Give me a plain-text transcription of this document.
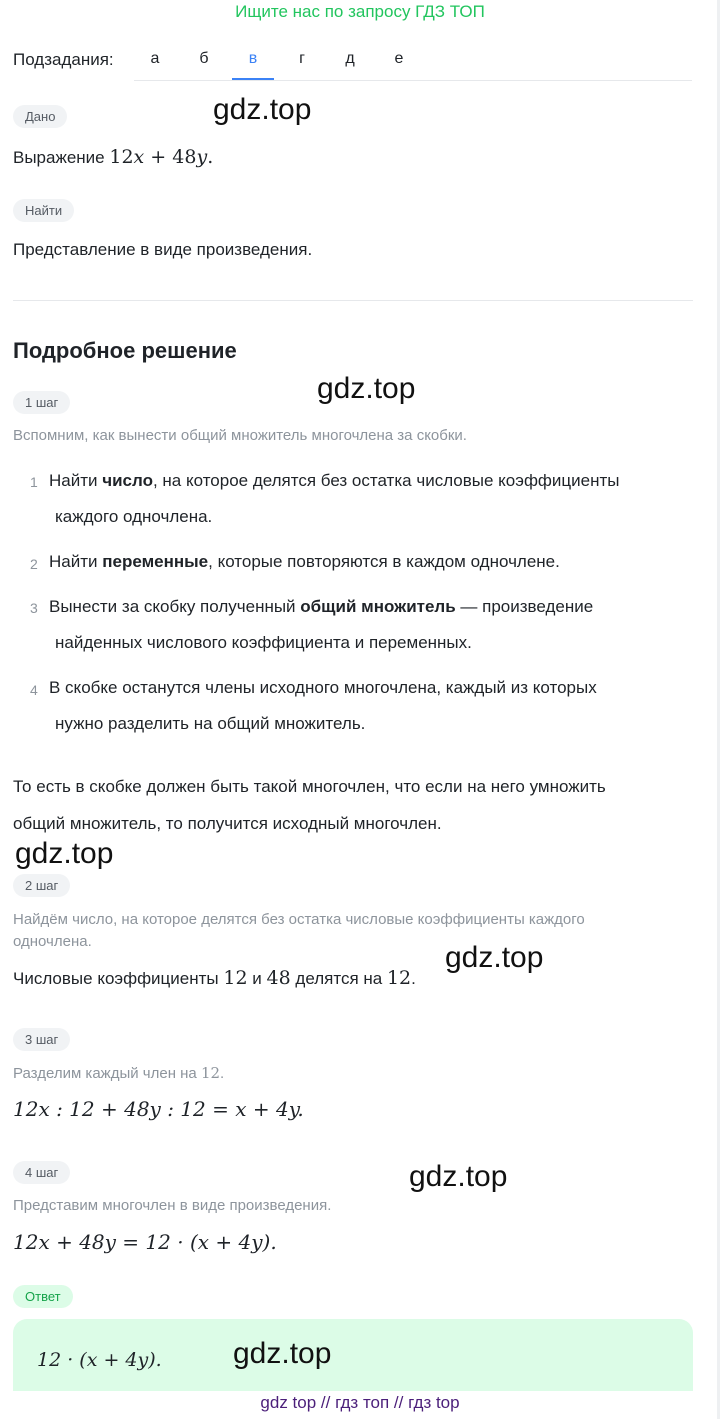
Ищите нас по запросу ГДЗ ТОП
Подзадания:	а	б	в	г	д	е
Дано	gdz.top
Выражение 12x + 48y.
Найти
Представление в виде произведения.
Подробное решение
1 шаг	gdz.top
Вспомним, как вынести общий множитель многочлена за скобки.
1 Найти число, на которое делятся без остатка числовые коэффициенты
каждого одночлена.
2 Найти переменные, которые повторяются в каждом одночлене.
3 Вынести за скобку полученный общий множитель — произведение
найденных числового коэффициента и переменных.
4 В скобке останутся члены исходного многочлена, каждый из которых
нужно разделить на общий множитель.
То есть в скобке должен быть такой многочлен, что если на него умножить
общий множитель, то получится исходный многочлен.
gdz.top
2 шаг
Найдём число, на которое делятся без остатка числовые коэффициенты каждого
одночлена.	gdz.top
Числовые коэффициенты 12 и 48 делятся на 12.
3 шаг
Разделим каждый член на 12.
12x : 12 + 48y : 12 = x + 4y.
4 шаг	gdz.top
Представим многочлен в виде произведения.
12x + 48y = 12 · (x + 4y).
Ответ
12 · (x + 4y). gdz.top
gdz top // гдз топ // гдз top
